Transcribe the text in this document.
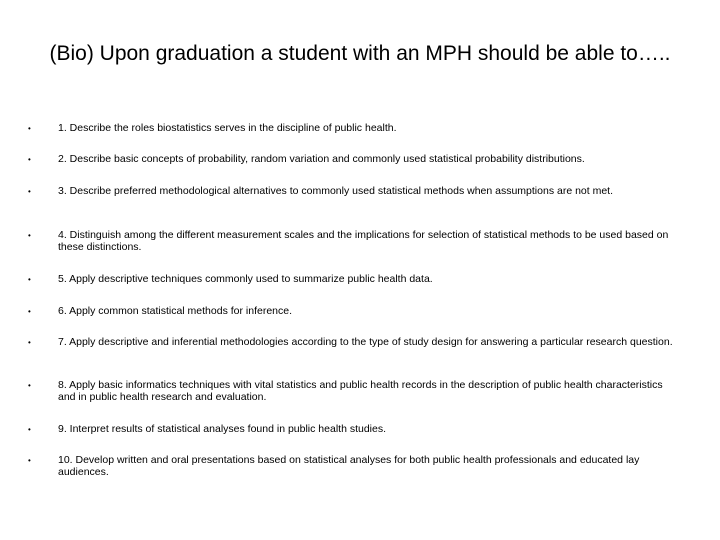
(Bio) Upon graduation a student with an MPH should be able to…..
•	1. Describe the roles biostatistics serves in the discipline of public health.
•	2. Describe basic concepts of probability, random variation and commonly used statistical probability distributions.
•	3. Describe preferred methodological alternatives to commonly used statistical methods when assumptions are not met.
•	4. Distinguish among the different measurement scales and the implications for selection of statistical methods to be used based on these distinctions.
•	5. Apply descriptive techniques commonly used to summarize public health data.
•	6. Apply common statistical methods for inference.
•	7. Apply descriptive and inferential methodologies according to the type of study design for answering a particular research question.
•	8. Apply basic informatics techniques with vital statistics and public health records in the description of public health characteristics and in public health research and evaluation.
•	9. Interpret results of statistical analyses found in public health studies.
•	10. Develop written and oral presentations based on statistical analyses for both public health professionals and educated lay audiences.
